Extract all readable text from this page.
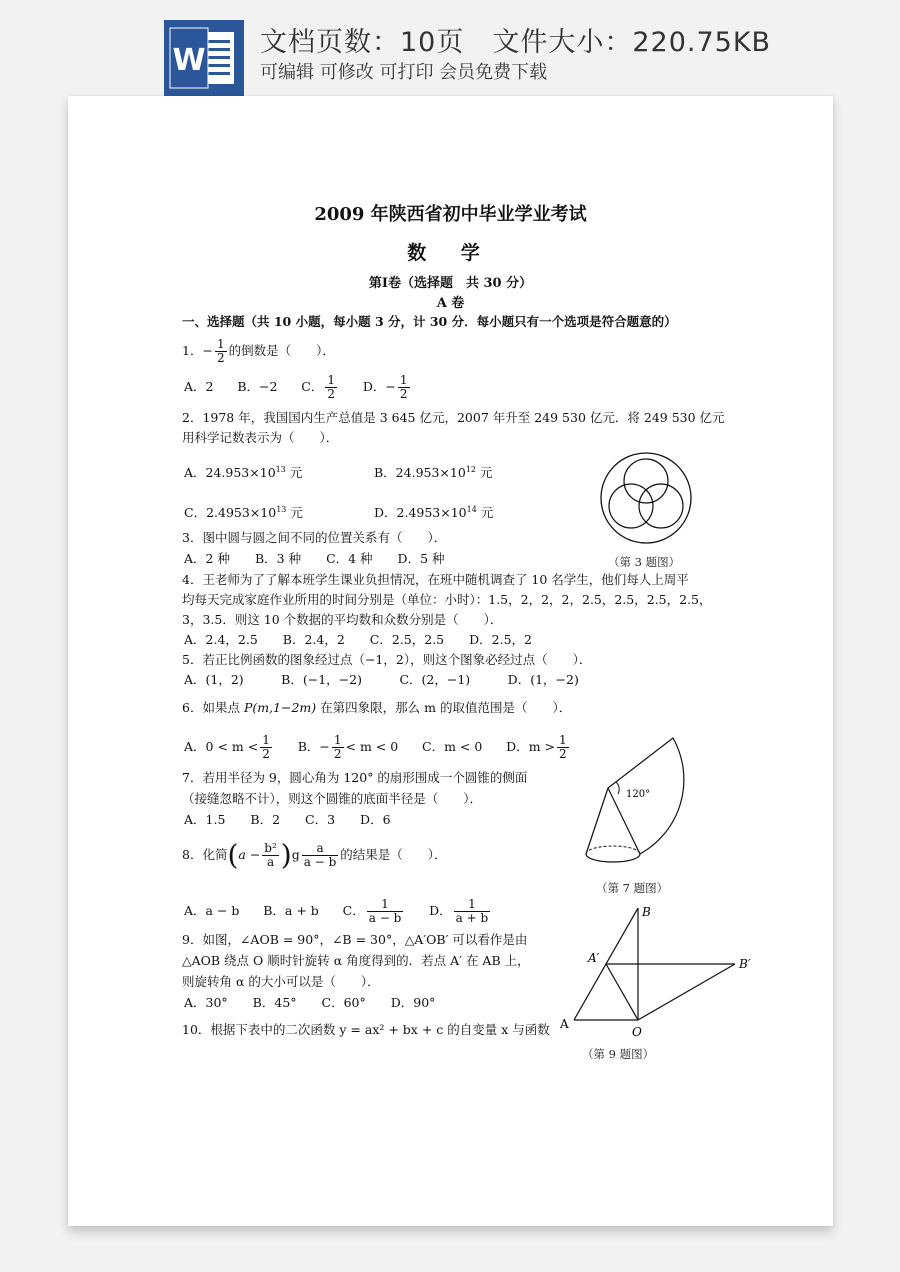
W
文档页数：10页 文件大小：220.75KB
可编辑 可修改 可打印 会员免费下载
2009 年陕西省初中毕业学业考试
数 学
第Ⅰ卷（选择题　共 30 分）
A 卷
一、选择题（共 10 小题，每小题 3 分，计 30 分．每小题只有一个选项是符合题意的）
1．− $\frac{1}{2}$ 的倒数是（　　）．
A．2 B．−2 C． $\frac{1}{2}$ D．− $\frac{1}{2}$
2．1978 年，我国国内生产总值是 3 645 亿元，2007 年升至 249 530 亿元．将 249 530 亿元
用科学记数表示为（　　）．
A．$24.953\times 10^{13}$ 元	B．$24.953\times 10^{12}$ 元
C．$2.4953\times 10^{13}$ 元	D．$2.4953\times 10^{14}$ 元
（第 3 题图）
3．图中圆与圆之间不同的位置关系有（　　）．
A．2 种　　B．3 种　　C．4 种　　D．5 种
4．王老师为了了解本班学生课业负担情况，在班中随机调查了 10 名学生，他们每人上周平
均每天完成家庭作业所用的时间分别是（单位：小时）：1.5，2，2，2，2.5，2.5，2.5，2.5，
3，3.5．则这 10 个数据的平均数和众数分别是（　　）．
A．2.4，2.5　　B．2.4，2　　C．2.5，2.5　　D．2.5，2
5．若正比例函数的图象经过点（−1，2），则这个图象必经过点（　　）．
A．(1，2)　　　B．(−1，−2)　　　C．(2，−1)　　　D．(1，−2)
6．如果点 P(m,1−2m) 在第四象限，那么 m 的取值范围是（　　）．
A．$0 < m < \frac{1}{2}$ B．− $\frac{1}{2} < m < 0$ C．m < 0 D．$m > \frac{1}{2}$
120°
（第 7 题图）
7．若用半径为 9，圆心角为 120° 的扇形围成一个圆锥的侧面
（接缝忽略不计），则这个圆锥的底面半径是（　　）．
A．1.5　　B．2　　C．3　　D．6
8．化简$(a - \frac{\text{b²}}{a} )g \frac{a}{a - b}$ 的结果是（　　）．
A．a − b B．a + b C． $\frac{1}{a - b}$ D． $\frac{1}{a + b}$	B
A′	B′
A
O
（第 9 题图）
9．如图，∠AOB = 90°，∠B = 30°，△A′OB′ 可以看作是由
△AOB 绕点 O 顺时针旋转 α 角度得到的．若点 A′ 在 AB 上，
则旋转角 α 的大小可以是（　　）．
A．30°　　B．45°　　C．60°　　D．90°
10．根据下表中的二次函数 y = ax² + bx + c 的自变量 x 与函数
